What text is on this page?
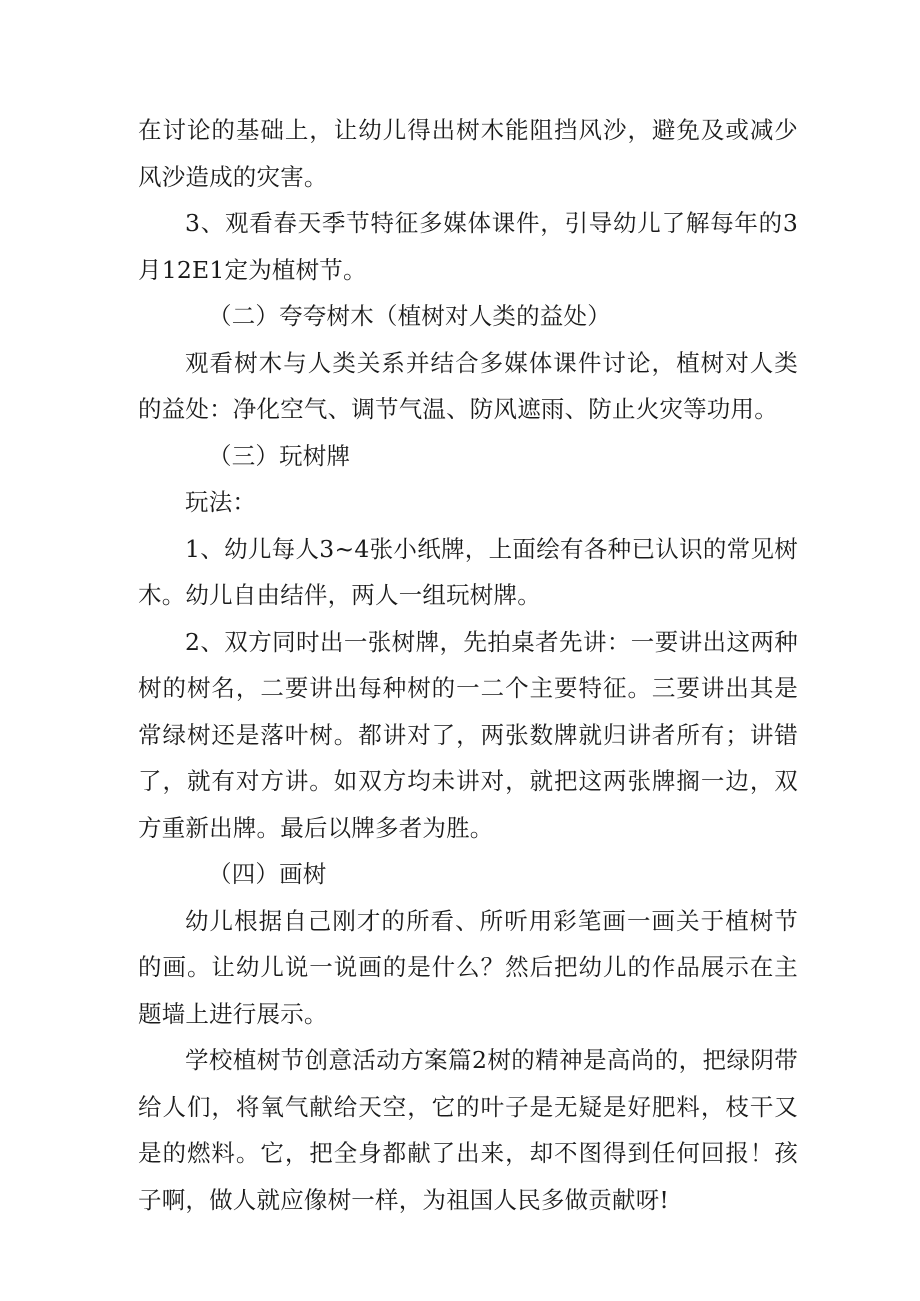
在讨论的基础上，让幼儿得出树木能阻挡风沙，避免及或减少风沙造成的灾害。

3、观看春天季节特征多媒体课件，引导幼儿了解每年的3月12E1定为植树节。

（二）夸夸树木（植树对人类的益处）

观看树木与人类关系并结合多媒体课件讨论，植树对人类的益处：净化空气、调节气温、防风遮雨、防止火灾等功用。

（三）玩树牌

玩法：

1、幼儿每人3~4张小纸牌，上面绘有各种已认识的常见树木。幼儿自由结伴，两人一组玩树牌。

2、双方同时出一张树牌，先拍桌者先讲：一要讲出这两种树的树名，二要讲出每种树的一二个主要特征。三要讲出其是常绿树还是落叶树。都讲对了，两张数牌就归讲者所有；讲错了，就有对方讲。如双方均未讲对，就把这两张牌搁一边，双方重新出牌。最后以牌多者为胜。

（四）画树

幼儿根据自己刚才的所看、所听用彩笔画一画关于植树节的画。让幼儿说一说画的是什么？然后把幼儿的作品展示在主题墙上进行展示。

学校植树节创意活动方案篇2树的精神是高尚的，把绿阴带给人们，将氧气献给天空，它的叶子是无疑是好肥料，枝干又是的燃料。它，把全身都献了出来，却不图得到任何回报！孩子啊，做人就应像树一样，为祖国人民多做贡献呀!
